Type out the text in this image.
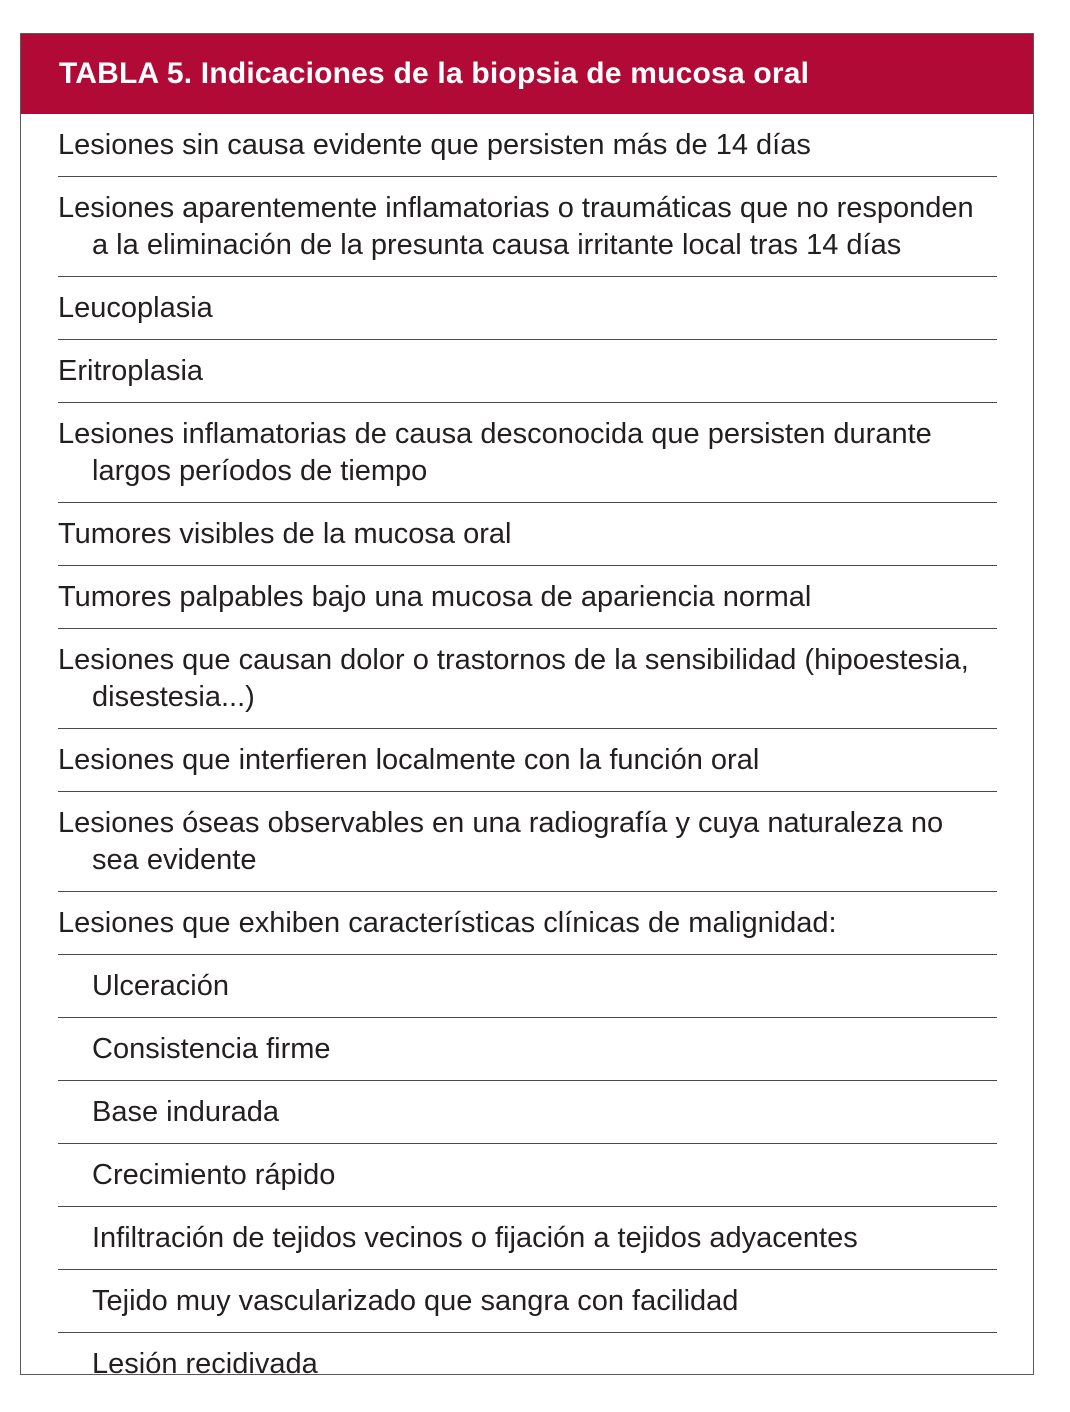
TABLA 5. Indicaciones de la biopsia de mucosa oral
Lesiones sin causa evidente que persisten más de 14 días
Lesiones aparentemente inflamatorias o traumáticas que no responden a la eliminación de la presunta causa irritante local tras 14 días
Leucoplasia
Eritroplasia
Lesiones inflamatorias de causa desconocida que persisten durante largos períodos de tiempo
Tumores visibles de la mucosa oral
Tumores palpables bajo una mucosa de apariencia normal
Lesiones que causan dolor o trastornos de la sensibilidad (hipoestesia, disestesia...)
Lesiones que interfieren localmente con la función oral
Lesiones óseas observables en una radiografía y cuya naturaleza no sea evidente
Lesiones que exhiben características clínicas de malignidad:
Ulceración
Consistencia firme
Base indurada
Crecimiento rápido
Infiltración de tejidos vecinos o fijación a tejidos adyacentes
Tejido muy vascularizado que sangra con facilidad
Lesión recidivada
